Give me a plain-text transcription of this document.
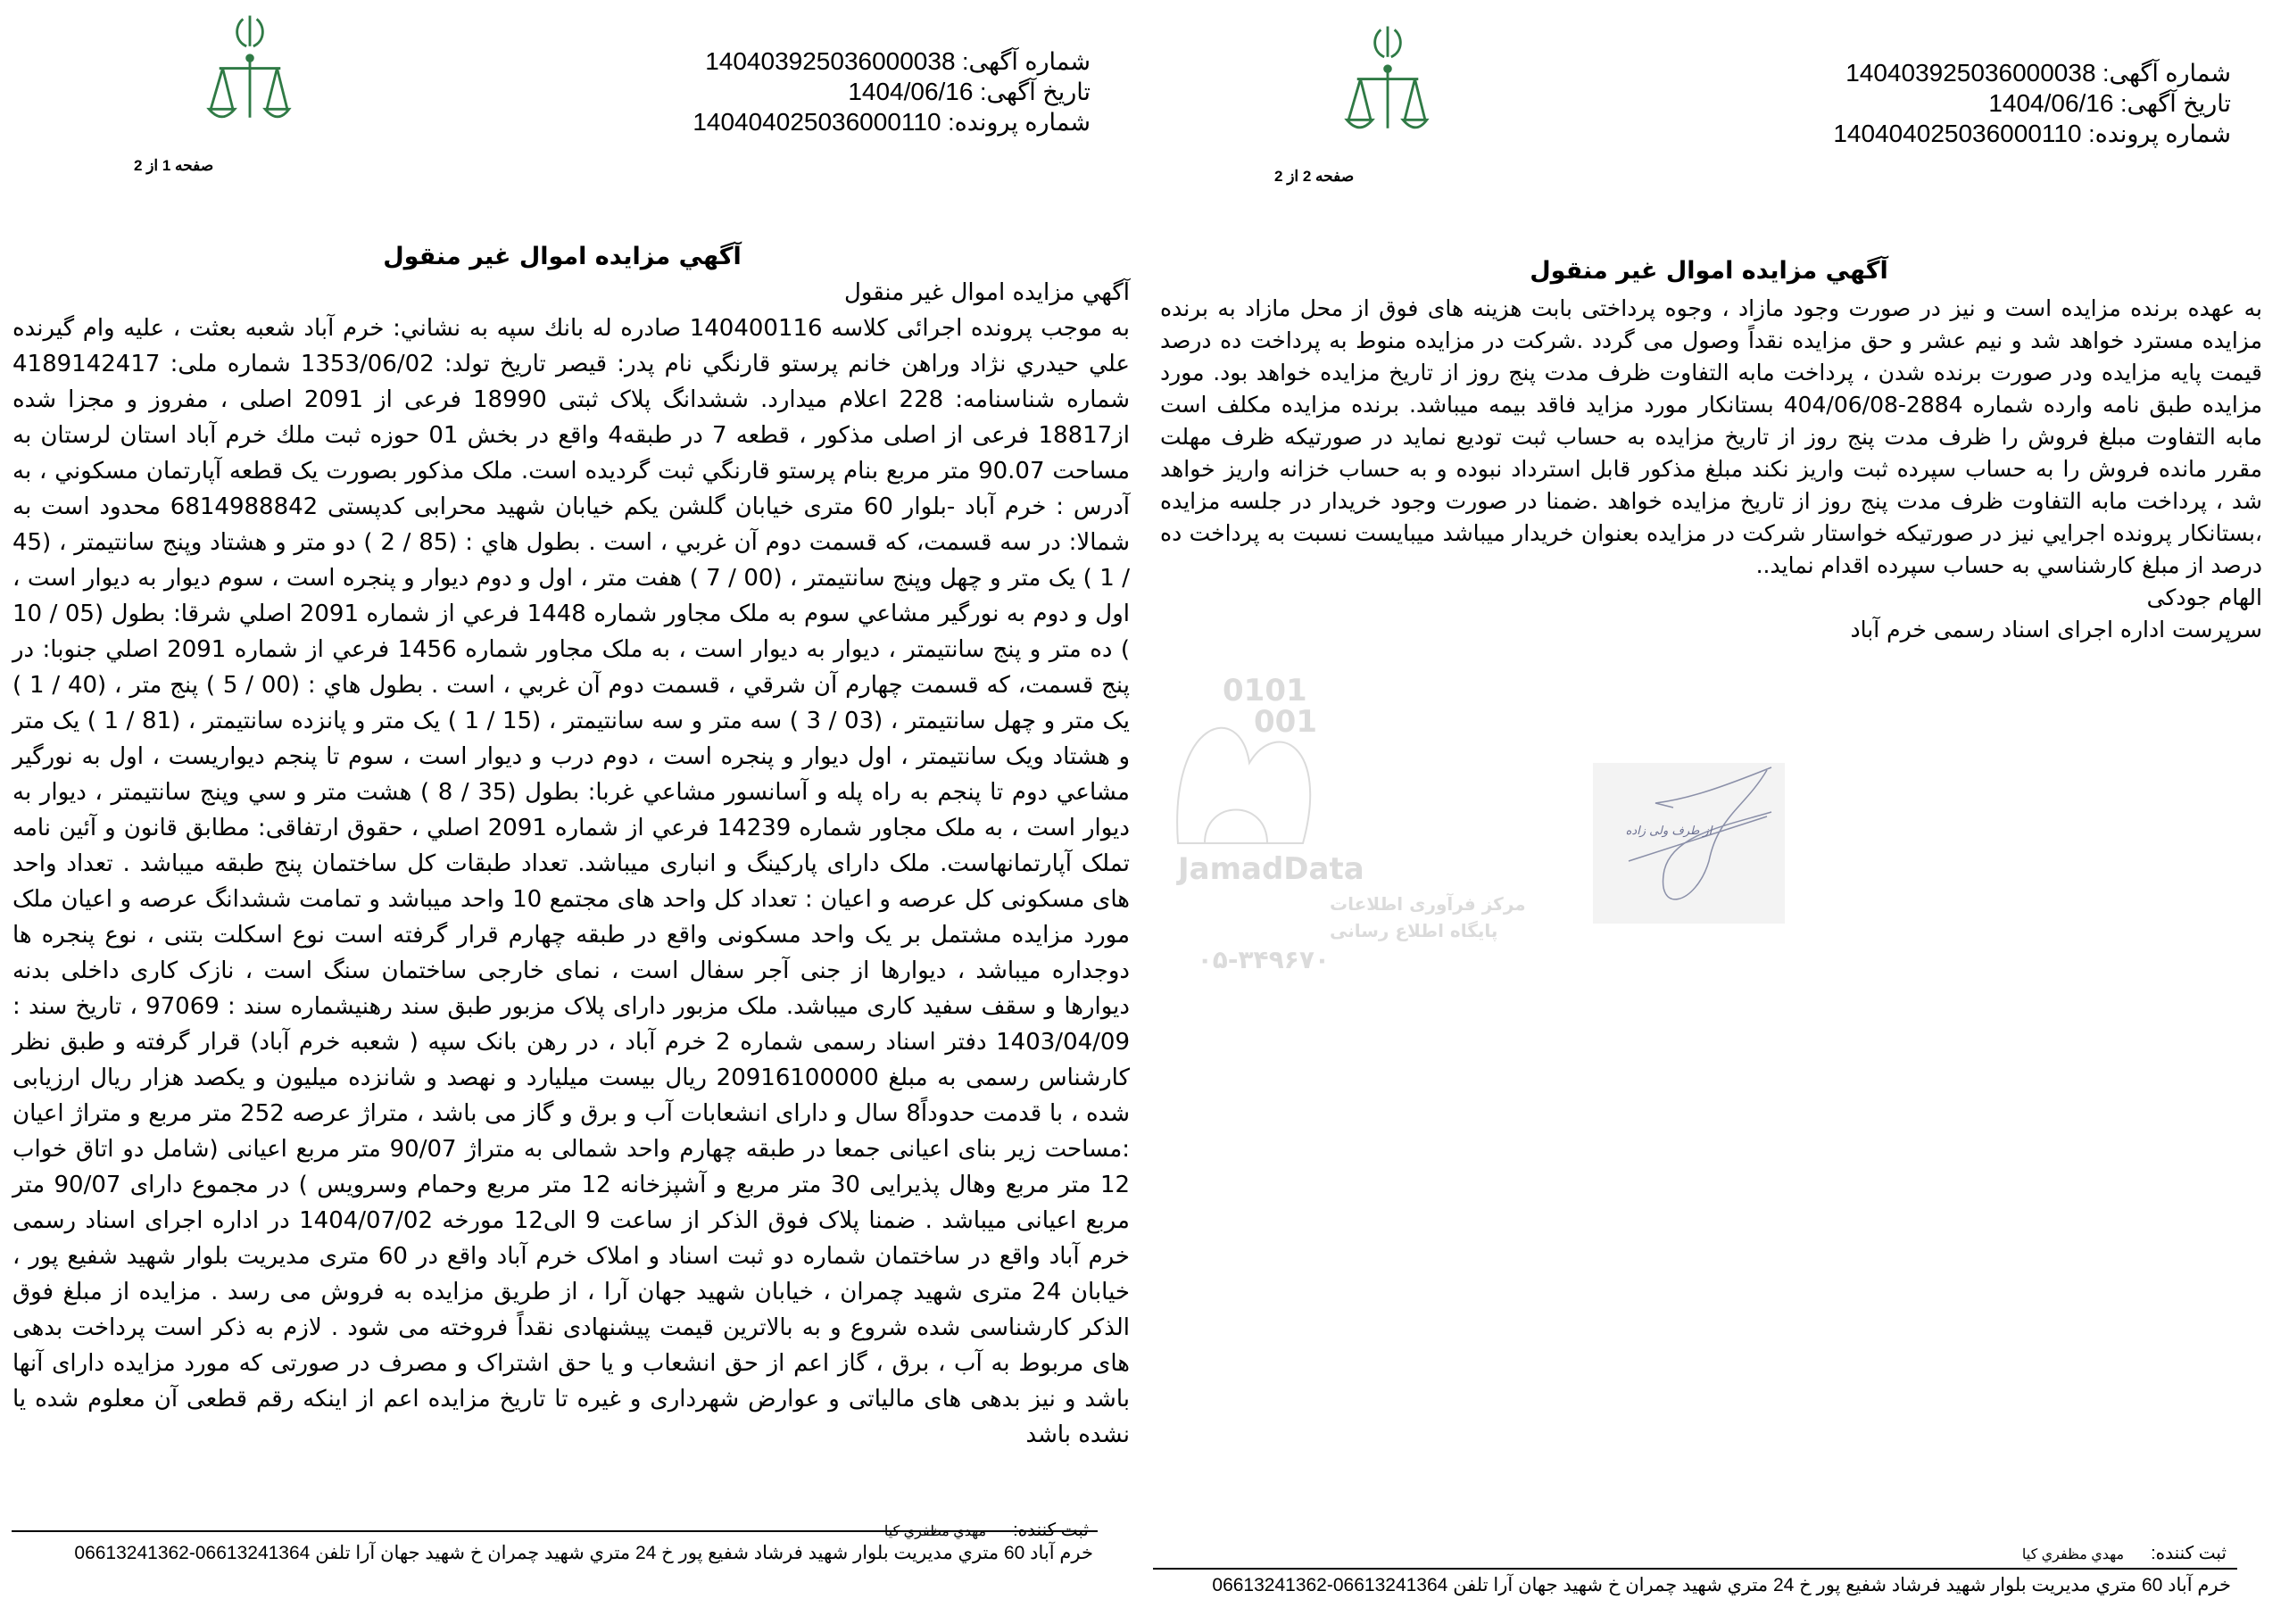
شماره آگهی: 140403925036000038
تاریخ آگهی: 1404/06/16
شماره پرونده: 140404025036000110
صفحه 1 از 2
آگهي مزايده اموال غير منقول

آگهي مزايده اموال غير منقول

به موجب پرونده اجرائی كلاسه 140400116 صادره له بانك سپه به نشاني: خرم آباد شعبه بعثت ، علیه وام گيرنده علي حيدري نژاد وراهن خانم پرستو قارنگي نام پدر: قيصر تاريخ تولد: 1353/06/02 شماره ملی: 4189142417 شماره شناسنامه: 228 اعلام ميدارد. ششدانگ پلاک ثبتی 18990 فرعی از 2091 اصلی ، مفروز و مجزا شده از18817 فرعی از اصلی مذکور ، قطعه 7 در طبقه4 واقع در بخش 01 حوزه ثبت ملك خرم آباد استان لرستان به مساحت 90.07 متر مربع بنام پرستو قارنگي ثبت گرديده است. ملک مذكور بصورت يک قطعه آپارتمان مسكوني ، به آدرس : خرم آباد -بلوار 60 متری خيابان گلشن يكم خيابان شهيد محرابی كدپستی 6814988842 محدود است به شمالا: در سه قسمت، كه قسمت دوم آن غربي ، است . بطول هاي : (85 / 2 ) دو متر و هشتاد وپنج سانتيمتر ، (45 / 1 ) يک متر و چهل وپنج سانتيمتر ، (00 / 7 ) هفت متر ، اول و دوم ديوار و پنجره است ، سوم ديوار به ديوار است ، اول و دوم به نورگير مشاعي سوم به ملک مجاور شماره 1448 فرعي از شماره 2091 اصلي شرقا: بطول (05 / 10 ) ده متر و پنج سانتيمتر ، ديوار به ديوار است ، به ملک مجاور شماره 1456 فرعي از شماره 2091 اصلي جنوبا: در پنج قسمت، كه قسمت چهارم آن شرقي ، قسمت دوم آن غربي ، است . بطول هاي : (00 / 5 ) پنج متر ، (40 / 1 ) يک متر و چهل سانتيمتر ، (03 / 3 ) سه متر و سه سانتيمتر ، (15 / 1 ) يک متر و پانزده سانتيمتر ، (81 / 1 ) يک متر و هشتاد ويک سانتيمتر ، اول ديوار و پنجره است ، دوم درب و ديوار است ، سوم تا پنجم ديواريست ، اول به نورگير مشاعي دوم تا پنجم به راه پله و آسانسور مشاعي غربا: بطول (35 / 8 ) هشت متر و سي وپنج سانتيمتر ، ديوار به ديوار است ، به ملک مجاور شماره 14239 فرعي از شماره 2091 اصلي ، حقوق ارتفاقی: مطابق قانون و آئين نامه تملک آپارتمانهاست. ملک دارای پارکينگ و انباری میباشد. تعداد طبقات كل ساختمان پنج طبقه ميباشد . تعداد واحد های مسكونی كل عرصه و اعيان : تعداد كل واحد های مجتمع 10 واحد میباشد و تمامت ششدانگ عرصه و اعيان ملک مورد مزايده مشتمل بر يک واحد مسکونی واقع در طبقه چهارم قرار گرفته است نوع اسکلت بتنی ، نوع پنجره ها دوجداره میباشد ، ديوارها از جنی آجر سفال است ، نمای خارجی ساختمان سنگ است ، نازک کاری داخلی بدنه ديوارها و سقف سفيد کاری میباشد. ملک مزبور دارای پلاک مزبور طبق سند رهنيشماره سند : 97069 ، تاريخ سند : 1403/04/09 دفتر اسناد رسمی شماره 2 خرم آباد ، در رهن بانک سپه ( شعبه خرم آباد) قرار گرفته و طبق نظر کارشناس رسمی به مبلغ 20916100000 ريال بيست ميليارد و نهصد و شانزده ميليون و يکصد هزار ريال ارزيابی شده ، با قدمت حدوداً8 سال و دارای انشعابات آب و برق و گاز می باشد ، متراژ عرصه 252 متر مربع و متراژ اعيان :مساحت زير بنای اعيانی جمعا در طبقه چهارم واحد شمالی به متراژ 90/07 متر مربع اعيانی (شامل دو اتاق خواب 12 متر مربع وهال پذيرايی 30 متر مربع و آشپزخانه 12 متر مربع وحمام وسرويس ) در مجموع دارای 90/07 متر مربع اعيانی میباشد . ضمنا پلاک فوق الذکر از ساعت 9 الی12 مورخه 1404/07/02 در اداره اجرای اسناد رسمی خرم آباد واقع در ساختمان شماره دو ثبت اسناد و املاک خرم آباد واقع در 60 متری مديريت بلوار شهيد شفيع پور ، خيابان 24 متری شهيد چمران ، خيابان شهيد جهان آرا ، از طريق مزايده به فروش می رسد . مزايده از مبلغ فوق الذکر کارشناسی شده شروع و به بالاترين قيمت پيشنهادی نقداً فروخته می شود . لازم به ذکر است پرداخت بدهی های مربوط به آب ، برق ، گاز اعم از حق انشعاب و يا حق اشتراک و مصرف در صورتی که مورد مزايده دارای آنها باشد و نيز بدهی های مالياتی و عوارض شهرداری و غيره تا تاريخ مزايده اعم از اينکه رقم قطعی آن معلوم شده يا نشده باشد

ثبت کننده:مهدي مظفري كيا
خرم آباد 60 متري مديريت بلوار شهيد فرشاد شفيع پور خ 24 متري شهيد چمران خ شهيد جهان آرا تلفن 06613241364-06613241362
شماره آگهی: 140403925036000038
تاریخ آگهی: 1404/06/16
شماره پرونده: 140404025036000110
صفحه 2 از 2
آگهي مزايده اموال غير منقول

به عهده برنده مزايده است و نيز در صورت وجود مازاد ، وجوه پرداختی بابت هزينه های فوق از محل مازاد به برنده مزايده مسترد خواهد شد و نيم عشر و حق مزايده نقداً وصول می گردد .شرکت در مزايده منوط به پرداخت ده درصد قيمت پايه مزايده ودر صورت برنده شدن ، پرداخت مابه التفاوت ظرف مدت پنج روز از تاريخ مزايده خواهد بود. مورد مزايده طبق نامه وارده شماره 2884-404/06/08 بستانکار مورد مزايد فاقد بيمه ميباشد. برنده مزايده مکلف است مابه التفاوت مبلغ فروش را ظرف مدت پنج روز از تاريخ مزايده به حساب ثبت توديع نمايد در صورتيکه ظرف مهلت مقرر مانده فروش را به حساب سپرده ثبت واريز نکند مبلغ مذکور قابل استرداد نبوده و به حساب خزانه واريز خواهد شد ، پرداخت مابه التفاوت ظرف مدت پنج روز از تاريخ مزايده خواهد .ضمنا در صورت وجود خريدار در جلسه مزايده ،بستانكار پرونده اجرايي نيز در صورتيكه خواستار شركت در مزايده بعنوان خريدار ميباشد ميبايست نسبت به پرداخت ده درصد از مبلغ كارشناسي به حساب سپرده اقدام نمايد..

الهام جودکی

سرپرست اداره اجرای اسناد رسمی خرم آباد

0101
001
JamadData
مرکز فرآوری اطلاعات
پایگاه اطلاع رسانی
۰۵-۳۴۹۶۷۰
از طرف ولی زاده
ثبت کننده:مهدي مظفري كيا
خرم آباد 60 متري مديريت بلوار شهيد فرشاد شفيع پور خ 24 متري شهيد چمران خ شهيد جهان آرا تلفن 06613241364-06613241362
